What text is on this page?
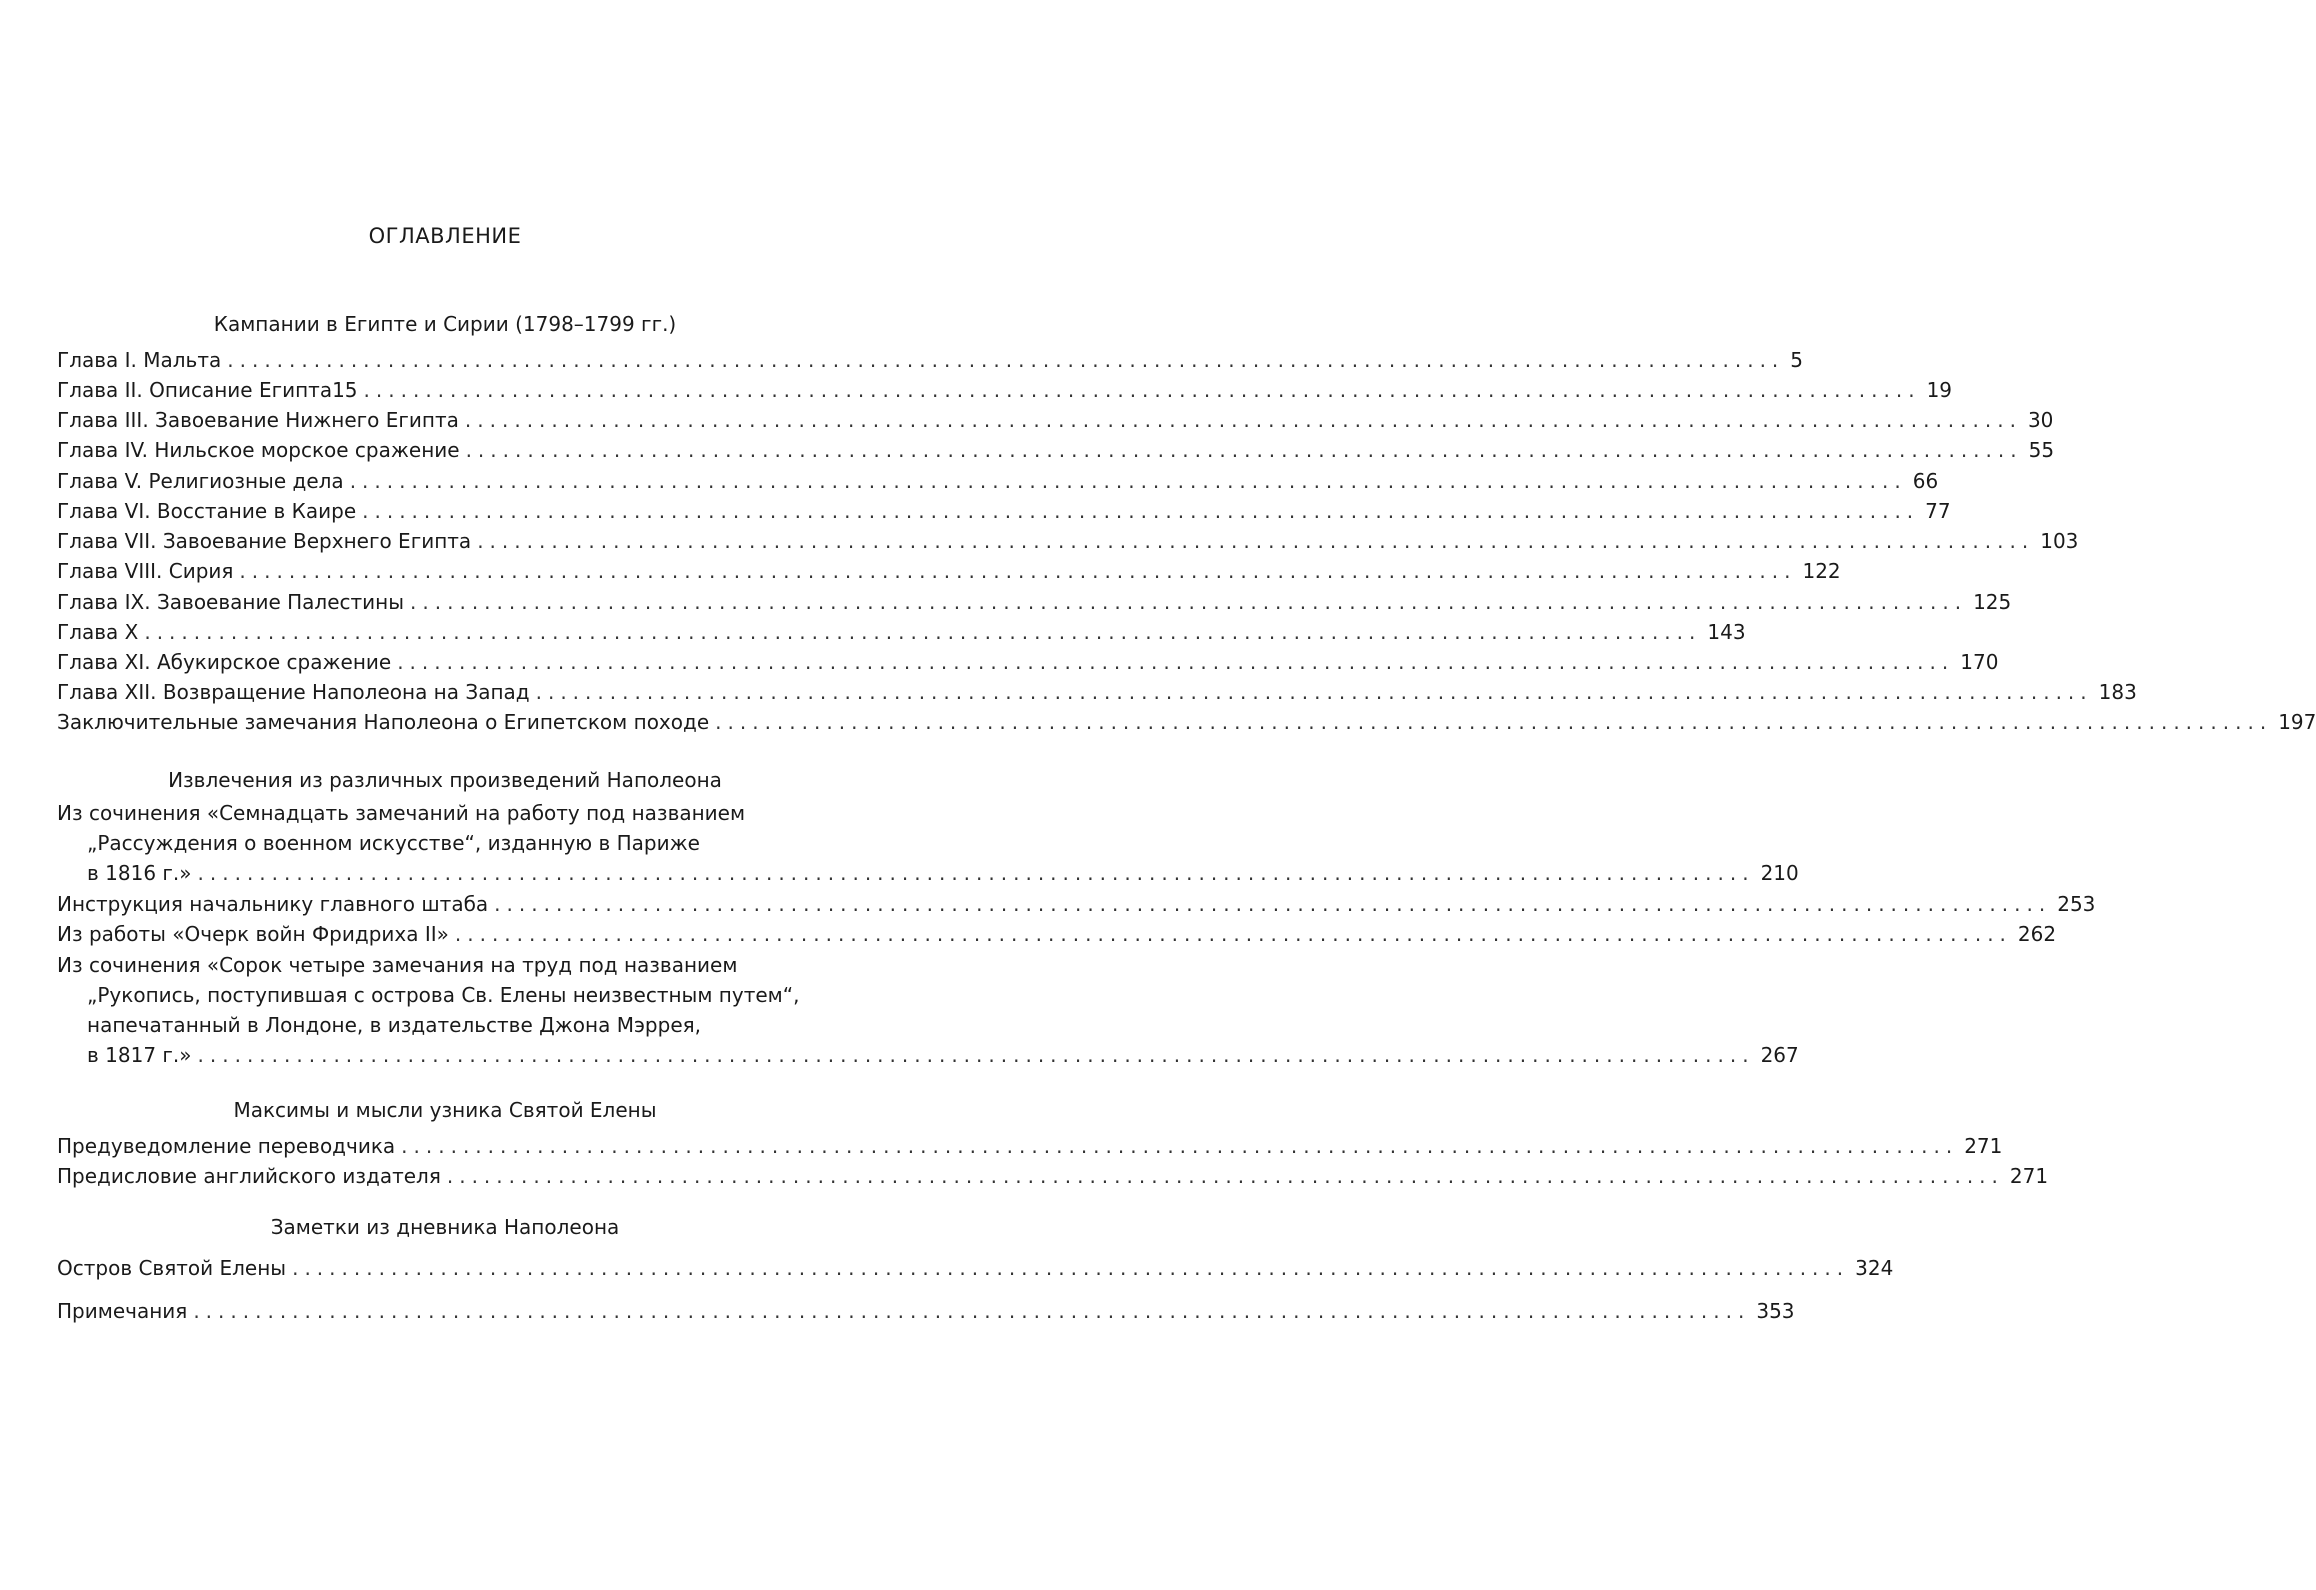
ОГЛАВЛЕНИЕ
Кампании в Египте и Сирии (1798–1799 гг.)
Глава I. Мальта .............................................................................................................................. 5
Глава II. Описание Египта15 .............................................................................................................................. 19
Глава III. Завоевание Нижнего Египта .............................................................................................................................. 30
Глава IV. Нильское морское сражение .............................................................................................................................. 55
Глава V. Религиозные дела .............................................................................................................................. 66
Глава VI. Восстание в Каире .............................................................................................................................. 77
Глава VII. Завоевание Верхнего Египта .............................................................................................................................. 103
Глава VIII. Сирия .............................................................................................................................. 122
Глава IX. Завоевание Палестины .............................................................................................................................. 125
Глава X .............................................................................................................................. 143
Глава XI. Абукирское сражение .............................................................................................................................. 170
Глава XII. Возвращение Наполеона на Запад .............................................................................................................................. 183
Заключительные замечания Наполеона о Египетском походе .............................................................................................................................. 197
Извлечения из различных произведений Наполеона
Из сочинения «Семнадцать замечаний на работу под названием
„Рассуждения о военном искусстве“, изданную в Париже
в 1816 г.» .............................................................................................................................. 210
Инструкция начальнику главного штаба .............................................................................................................................. 253
Из работы «Очерк войн Фридриха II» .............................................................................................................................. 262
Из сочинения «Сорок четыре замечания на труд под названием
„Рукопись, поступившая с острова Св. Елены неизвестным путем“,
напечатанный в Лондоне, в издательстве Джона Мэррея,
в 1817 г.» .............................................................................................................................. 267
Максимы и мысли узника Святой Елены
Предуведомление переводчика .............................................................................................................................. 271
Предисловие английского издателя .............................................................................................................................. 271
Заметки из дневника Наполеона
Остров Святой Елены .............................................................................................................................. 324
Примечания .............................................................................................................................. 353
